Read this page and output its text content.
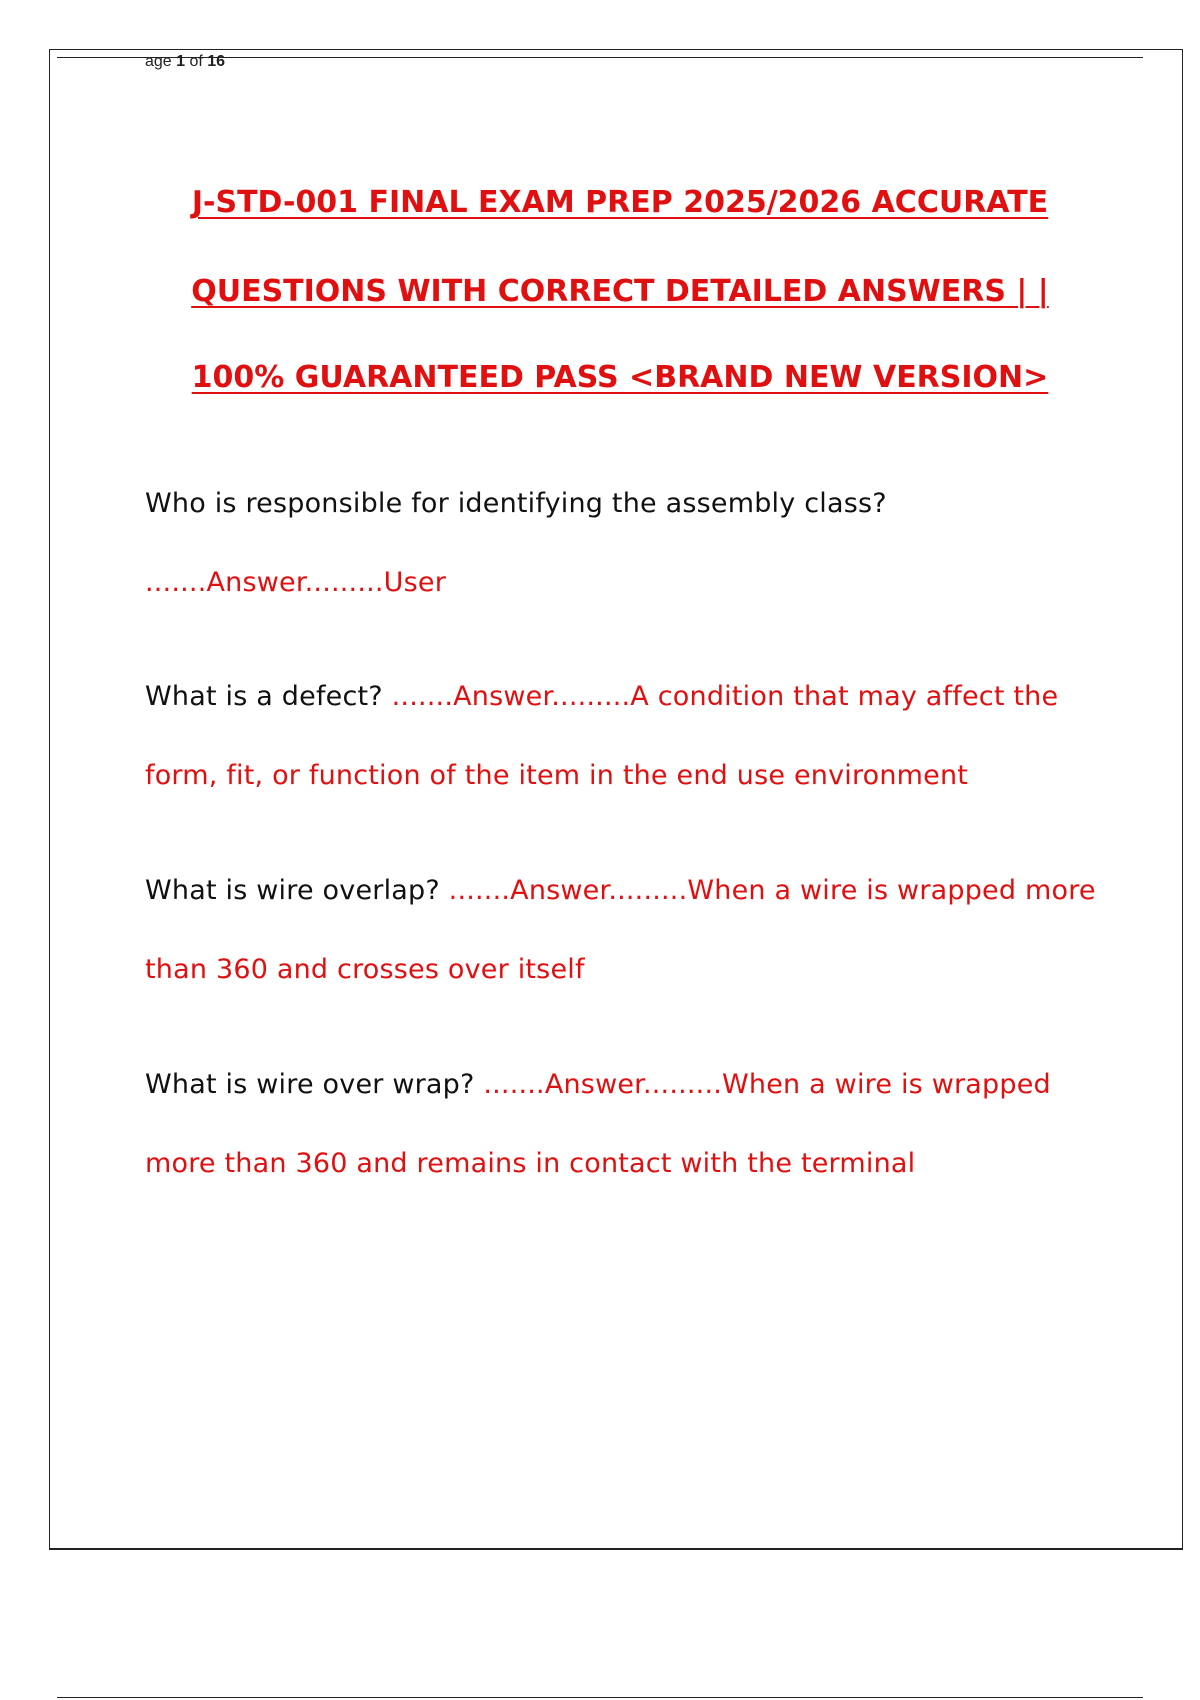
age 1 of 16
J-STD-001 FINAL EXAM PREP 2025/2026 ACCURATE
QUESTIONS WITH CORRECT DETAILED ANSWERS | |
100% GUARANTEED PASS <BRAND NEW VERSION>
Who is responsible for identifying the assembly class?
.......Answer.........User
What is a defect? .......Answer.........A condition that may affect the form, fit, or function of the item in the end use environment
What is wire overlap? .......Answer.........When a wire is wrapped more than 360 and crosses over itself
What is wire over wrap? .......Answer.........When a wire is wrapped more than 360 and remains in contact with the terminal
